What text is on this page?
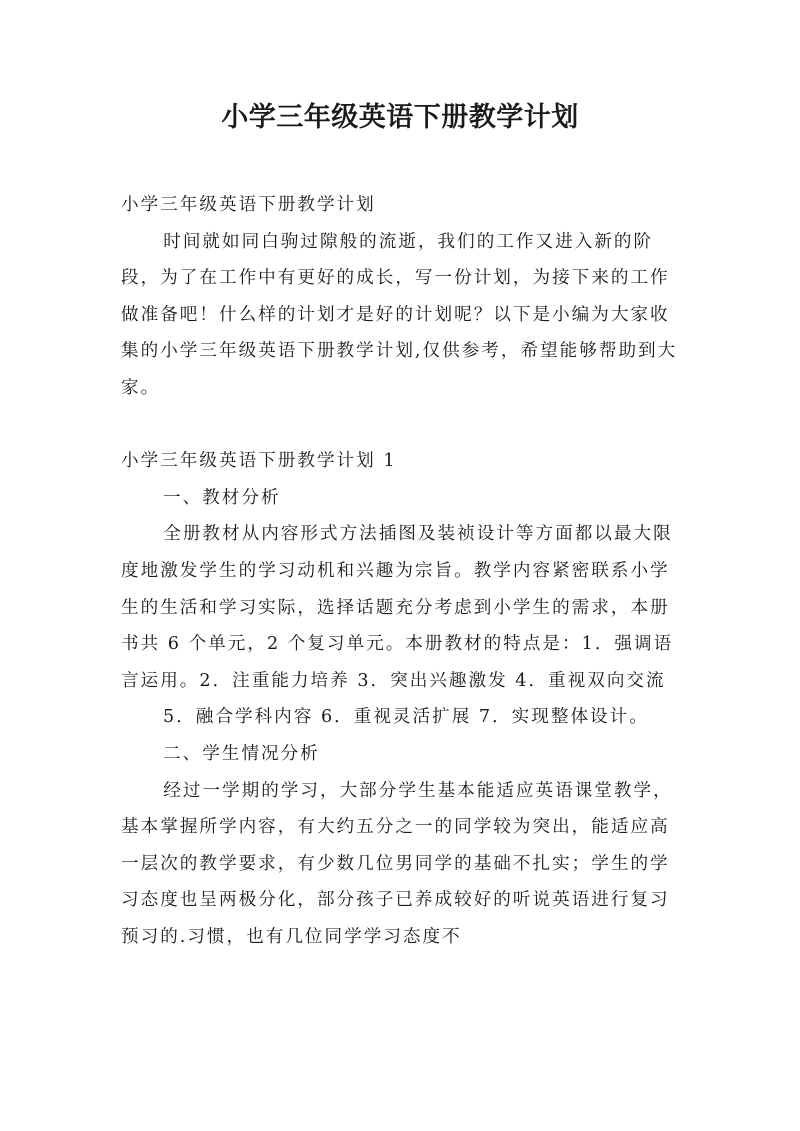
小学三年级英语下册教学计划

小学三年级英语下册教学计划

时间就如同白驹过隙般的流逝，我们的工作又进入新的阶段，为了在工作中有更好的成长，写一份计划，为接下来的工作做准备吧！什么样的计划才是好的计划呢？以下是小编为大家收集的小学三年级英语下册教学计划,仅供参考，希望能够帮助到大家。

小学三年级英语下册教学计划 1

一、教材分析

全册教材从内容形式方法插图及装祯设计等方面都以最大限度地激发学生的学习动机和兴趣为宗旨。教学内容紧密联系小学生的生活和学习实际，选择话题充分考虑到小学生的需求，本册书共 6 个单元，2 个复习单元。本册教材的特点是：1．强调语言运用。2．注重能力培养 3．突出兴趣激发 4．重视双向交流

5．融合学科内容 6．重视灵活扩展 7．实现整体设计。

二、学生情况分析

经过一学期的学习，大部分学生基本能适应英语课堂教学，基本掌握所学内容，有大约五分之一的同学较为突出，能适应高一层次的教学要求，有少数几位男同学的基础不扎实；学生的学习态度也呈两极分化，部分孩子已养成较好的听说英语进行复习预习的.习惯，也有几位同学学习态度不
